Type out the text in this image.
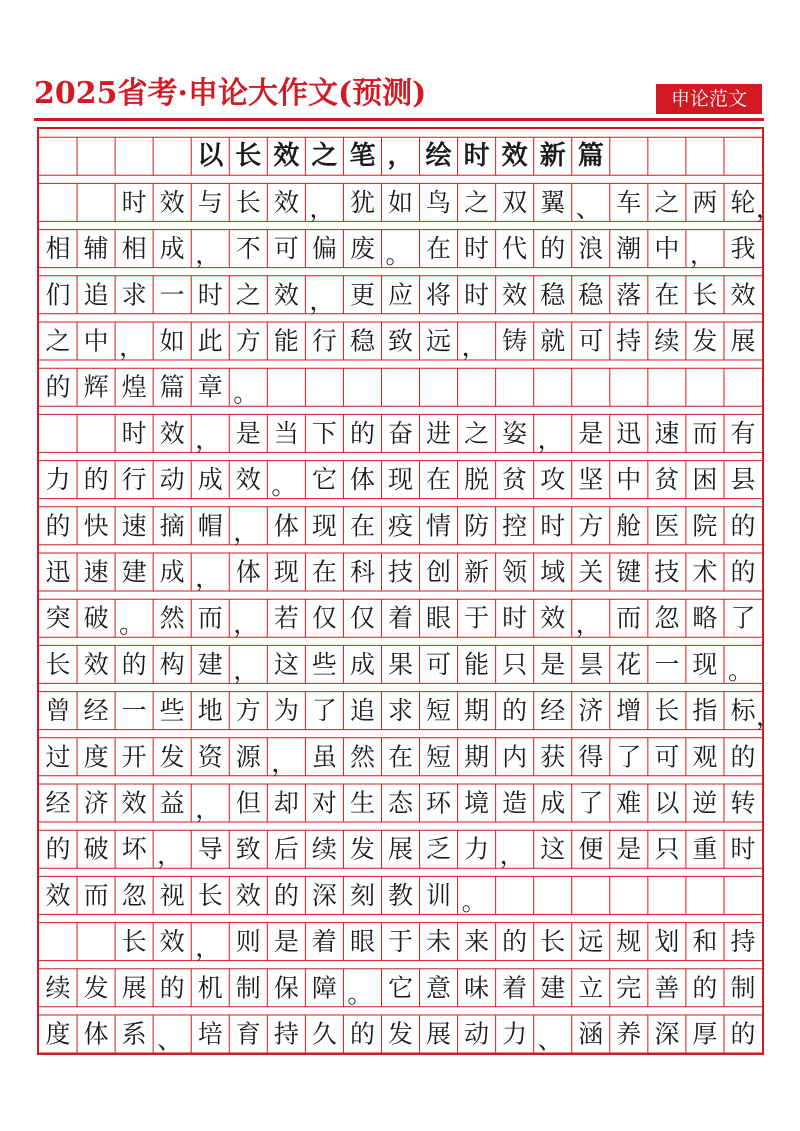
2025省考·申论大作文(预测)	申论范文
以 长 效 之 笔 ， 绘 时 效 新 篇
时 效 与 长 效 ， 犹 如 鸟 之 双 翼 、 车 之 两 轮 ，
相 辅 相 成 ， 不 可 偏 废 。 在 时 代 的 浪 潮 中 ， 我
们 追 求 一 时 之 效 ， 更 应 将 时 效 稳 稳 落 在 长 效
之 中 ， 如 此 方 能 行 稳 致 远 ， 铸 就 可 持 续 发 展
的 辉 煌 篇 章 。
时 效 ， 是 当 下 的 奋 进 之 姿 ， 是 迅 速 而 有
力 的 行 动 成 效 。 它 体 现 在 脱 贫 攻 坚 中 贫 困 县
的 快 速 摘 帽 ， 体 现 在 疫 情 防 控 时 方 舱 医 院 的
迅 速 建 成 ， 体 现 在 科 技 创 新 领 域 关 键 技 术 的
突 破 。 然 而 ， 若 仅 仅 着 眼 于 时 效 ， 而 忽 略 了
长 效 的 构 建 ， 这 些 成 果 可 能 只 是 昙 花 一 现 。
曾 经 一 些 地 方 为 了 追 求 短 期 的 经 济 增 长 指 标 ，
过 度 开 发 资 源 ， 虽 然 在 短 期 内 获 得 了 可 观 的
经 济 效 益 ， 但 却 对 生 态 环 境 造 成 了 难 以 逆 转
的 破 坏 ， 导 致 后 续 发 展 乏 力 ， 这 便 是 只 重 时
效 而 忽 视 长 效 的 深 刻 教 训 。
长 效 ， 则 是 着 眼 于 未 来 的 长 远 规 划 和 持
续 发 展 的 机 制 保 障 。 它 意 味 着 建 立 完 善 的 制
度 体 系 、 培 育 持 久 的 发 展 动 力 、 涵 养 深 厚 的
